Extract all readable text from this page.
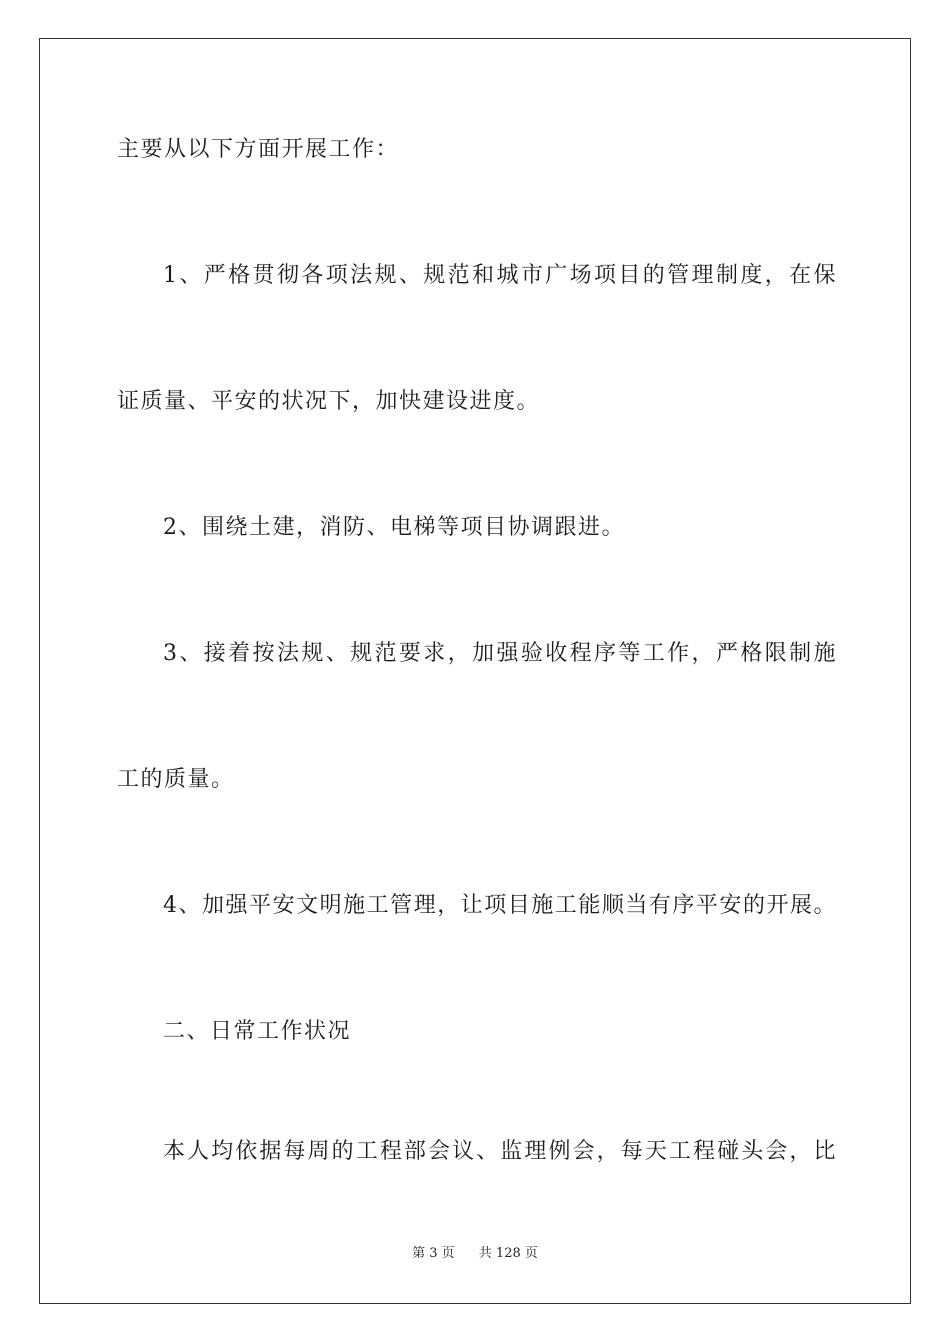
主要从以下方面开展工作：
1、严格贯彻各项法规、规范和城市广场项目的管理制度，在保
证质量、平安的状况下，加快建设进度。
2、围绕土建，消防、电梯等项目协调跟进。
3、接着按法规、规范要求，加强验收程序等工作，严格限制施
工的质量。
4、加强平安文明施工管理，让项目施工能顺当有序平安的开展。
二、日常工作状况
本人均依据每周的工程部会议、监理例会，每天工程碰头会，比
第 3 页 共 128 页
